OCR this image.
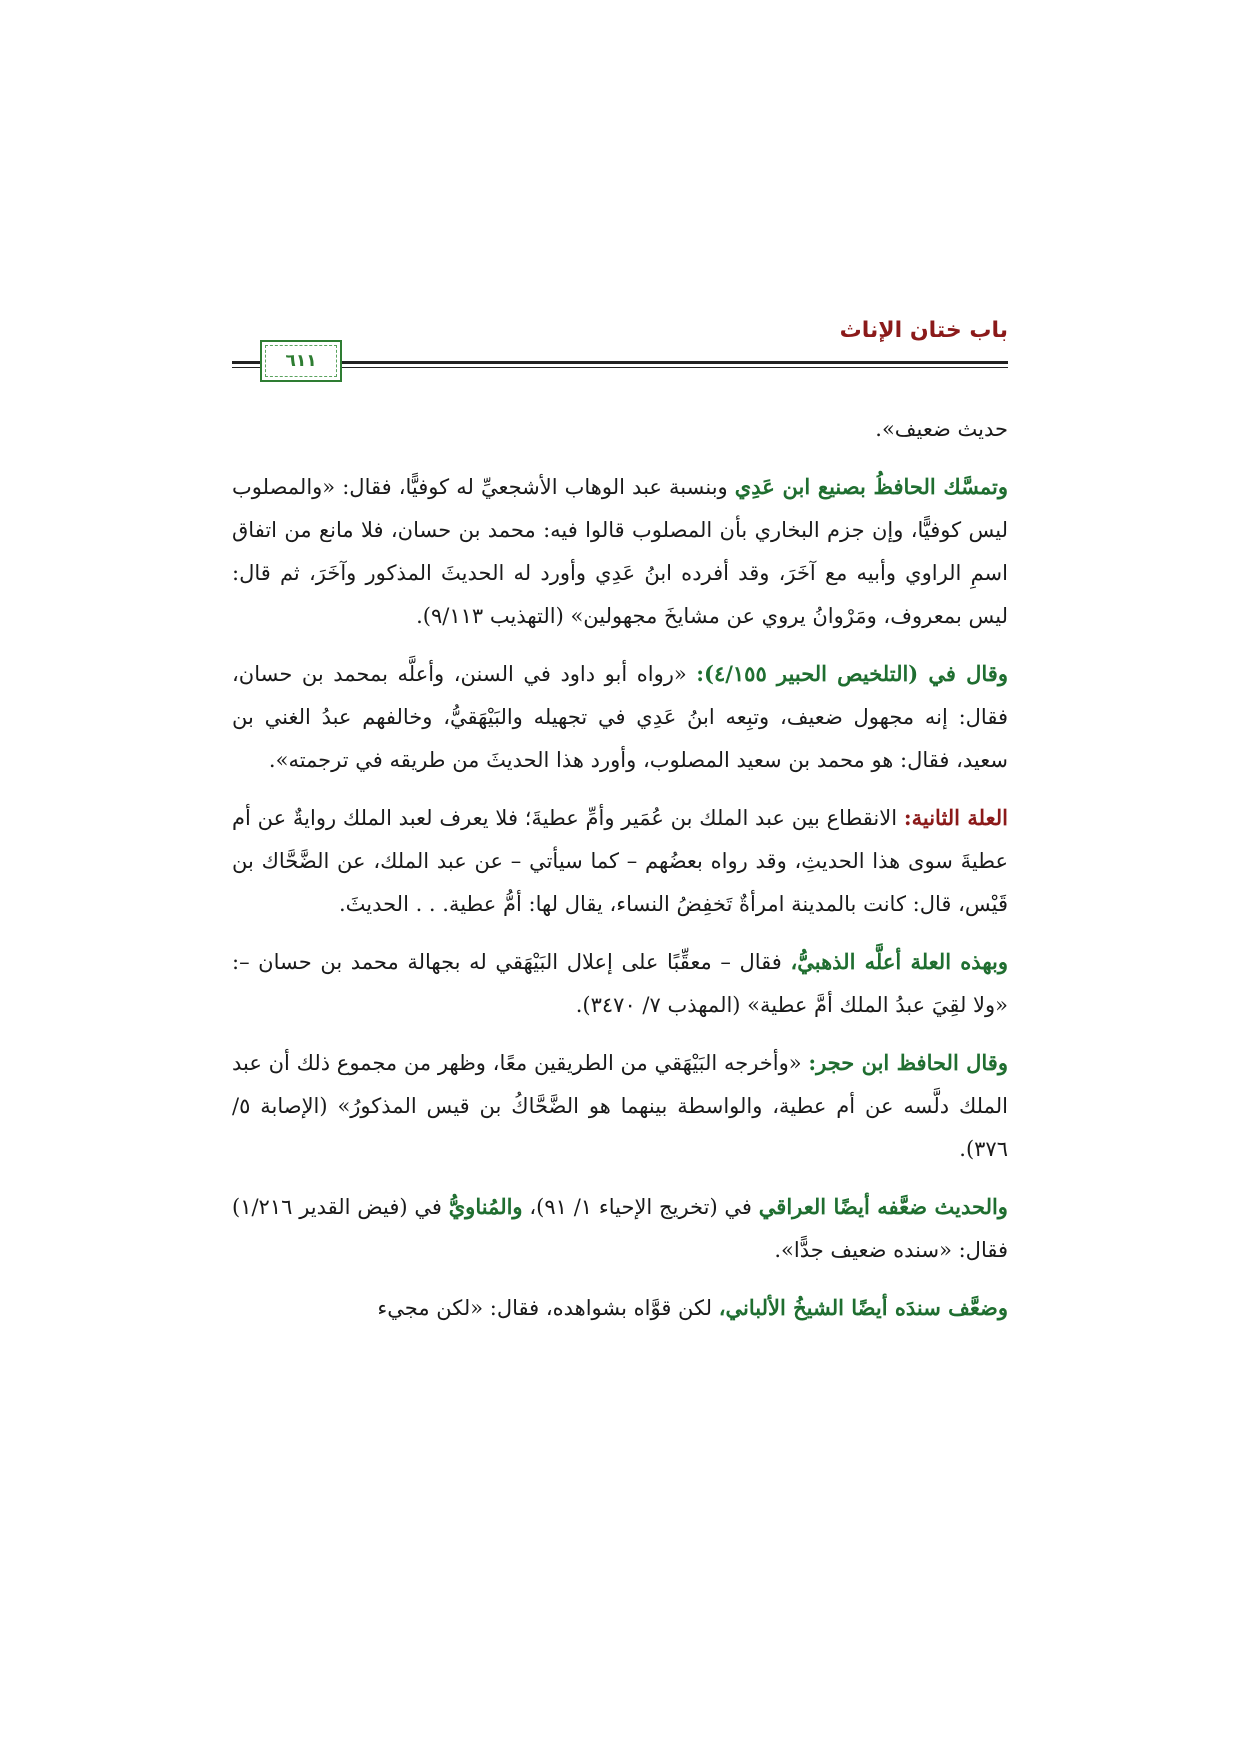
باب ختان الإناث
٦١١

حديث ضعيف».

وتمسَّك الحافظُ بصنيع ابن عَدِي وبنسبة عبد الوهاب الأشجعيِّ له كوفيًّا، فقال: «والمصلوب ليس كوفيًّا، وإن جزم البخاري بأن المصلوب قالوا فيه: محمد بن حسان، فلا مانع من اتفاق اسمِ الراوي وأبيه مع آخَرَ، وقد أفرده ابنُ عَدِي وأورد له الحديثَ المذكور وآخَرَ، ثم قال: ليس بمعروف، ومَرْوانُ يروي عن مشايخَ مجهولين» (التهذيب ٩/١١٣).

وقال في (التلخيص الحبير ٤/١٥٥): «رواه أبو داود في السنن، وأعلَّه بمحمد بن حسان، فقال: إنه مجهول ضعيف، وتبِعه ابنُ عَدِي في تجهيله والبَيْهَقيُّ، وخالفهم عبدُ الغني بن سعيد، فقال: هو محمد بن سعيد المصلوب، وأورد هذا الحديثَ من طريقه في ترجمته».

العلة الثانية: الانقطاع بين عبد الملك بن عُمَير وأمِّ عطيةَ؛ فلا يعرف لعبد الملك روايةٌ عن أم عطيةَ سوى هذا الحديثِ، وقد رواه بعضُهم – كما سيأتي – عن عبد الملك، عن الضَّحَّاك بن قَيْس، قال: كانت بالمدينة امرأةٌ تَخفِضُ النساء، يقال لها: أمُّ عطية. . . الحديثَ.

وبهذه العلة أعلَّه الذهبيُّ، فقال – معقِّبًا على إعلال البَيْهَقي له بجهالة محمد بن حسان –: «ولا لقِيَ عبدُ الملك أمَّ عطية» (المهذب ٧/ ٣٤٧٠).

وقال الحافظ ابن حجر: «وأخرجه البَيْهَقي من الطريقين معًا، وظهر من مجموع ذلك أن عبد الملك دلَّسه عن أم عطية، والواسطة بينهما هو الضَّحَّاكُ بن قيس المذكورُ» (الإصابة ٥/ ٣٧٦).

والحديث ضعَّفه أيضًا العراقي في (تخريج الإحياء ١/ ٩١)، والمُناويُّ في (فيض القدير ١/٢١٦) فقال: «سنده ضعيف جدًّا».

وضعَّف سندَه أيضًا الشيخُ الألباني، لكن قوَّاه بشواهده، فقال: «لكن مجيء
